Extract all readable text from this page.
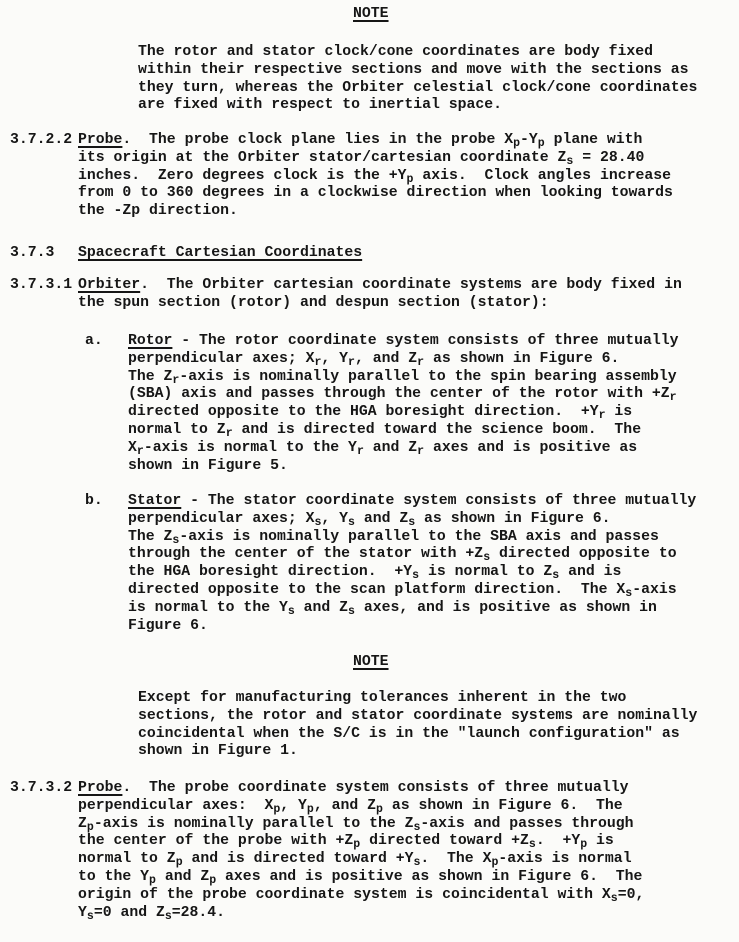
NOTE
The rotor and stator clock/cone coordinates are body fixed
within their respective sections and move with the sections as
they turn, whereas the Orbiter celestial clock/cone coordinates
are fixed with respect to inertial space.
3.7.2.2 Probe.  The probe clock plane lies in the probe $X_p-Y_p$ plane with
its origin at the Orbiter stator/cartesian coordinate $Z_s = 28.40$
inches.  Zero degrees clock is the $+Y_p$ axis.  Clock angles increase
from 0 to 360 degrees in a clockwise direction when looking towards
the -Zp direction.
3.7.3 Spacecraft Cartesian Coordinates
3.7.3.1 Orbiter.  The Orbiter cartesian coordinate systems are body fixed in
the spun section (rotor) and despun section (stator):
a. Rotor - The rotor coordinate system consists of three mutually
perpendicular axes; $X_r$, $Y_r$, and $Z_r$ as shown in Figure 6.
The $Z_r$-axis is nominally parallel to the spin bearing assembly
(SBA) axis and passes through the center of the rotor with $+Z_r$
directed opposite to the HGA boresight direction.  $+Y_r$ is
normal to $Z_r$ and is directed toward the science boom.  The
$X_r$-axis is normal to the $Y_r$ and $Z_r$ axes and is positive as
shown in Figure 5.
b. Stator - The stator coordinate system consists of three mutually
perpendicular axes; $X_s$, $Y_s$ and $Z_s$ as shown in Figure 6.
The $Z_s$-axis is nominally parallel to the SBA axis and passes
through the center of the stator with $+Z_s$ directed opposite to
the HGA boresight direction.  $+Y_s$ is normal to $Z_s$ and is
directed opposite to the scan platform direction.  The $X_s$-axis
is normal to the $Y_s$ and $Z_s$ axes, and is positive as shown in
Figure 6.
NOTE
Except for manufacturing tolerances inherent in the two
sections, the rotor and stator coordinate systems are nominally
coincidental when the S/C is in the "launch configuration" as
shown in Figure 1.
3.7.3.2 Probe.  The probe coordinate system consists of three mutually
perpendicular axes:  $X_p$, $Y_p$, and $Z_p$ as shown in Figure 6.  The
$Z_p$-axis is nominally parallel to the $Z_s$-axis and passes through
the center of the probe with $+Z_p$ directed toward $+Z_s$.  $+Y_p$ is
normal to $Z_p$ and is directed toward $+Y_s$.  The $X_p$-axis is normal
to the $Y_p$ and $Z_p$ axes and is positive as shown in Figure 6.  The
origin of the probe coordinate system is coincidental with $X_s=0$,
$Y_s=0$ and $Z_s=28.4$.
